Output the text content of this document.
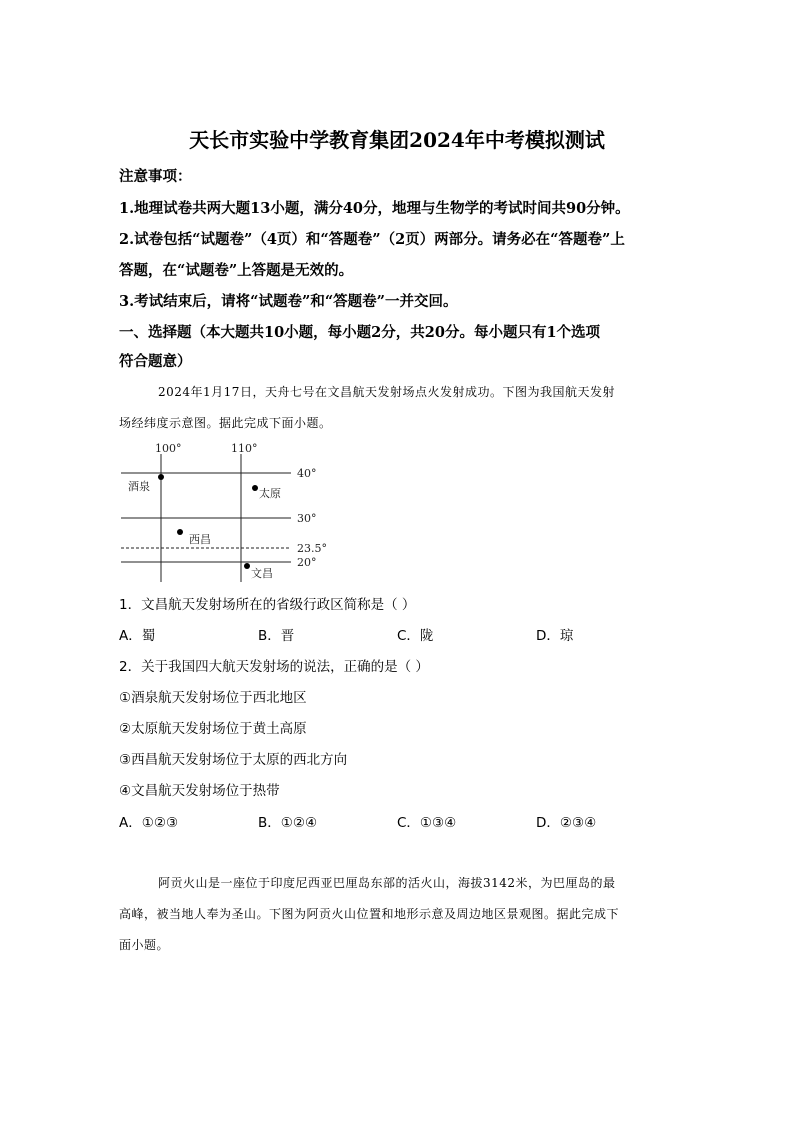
天长市实验中学教育集团2024年中考模拟测试
注意事项：
1.地理试卷共两大题13小题，满分40分，地理与生物学的考试时间共90分钟。
2.试卷包括“试题卷”（4页）和“答题卷”（2页）两部分。请务必在“答题卷”上
答题，在“试题卷”上答题是无效的。
3.考试结束后，请将“试题卷”和“答题卷”一并交回。
一、选择题（本大题共10小题，每小题2分，共20分。每小题只有1个选项
符合题意）
2024年1月17日，天舟七号在文昌航天发射场点火发射成功。下图为我国航天发射
场经纬度示意图。据此完成下面小题。
100°	110°
40°
30°
23.5°
20°
酒泉
太原
西昌
文昌
1．文昌航天发射场所在的省级行政区简称是（ ）
A．蜀	B．晋	C．陇	D．琼
2．关于我国四大航天发射场的说法，正确的是（ ）
①酒泉航天发射场位于西北地区
②太原航天发射场位于黄土高原
③西昌航天发射场位于太原的西北方向
④文昌航天发射场位于热带
A．①②③	B．①②④	C．①③④	D．②③④
阿贡火山是一座位于印度尼西亚巴厘岛东部的活火山，海拔3142米，为巴厘岛的最
高峰，被当地人奉为圣山。下图为阿贡火山位置和地形示意及周边地区景观图。据此完成下
面小题。
